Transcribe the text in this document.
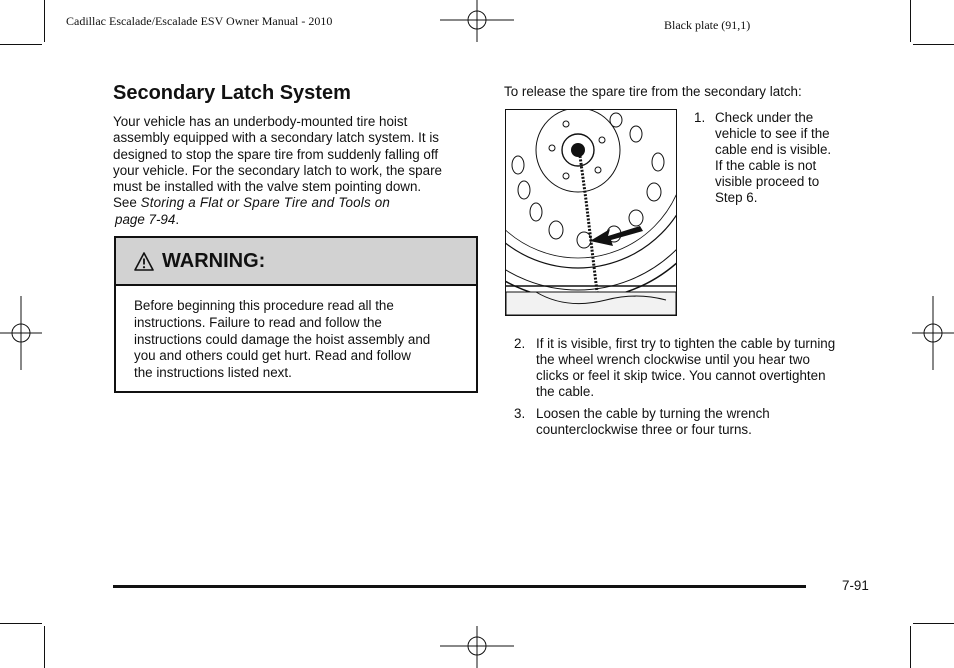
Cadillac Escalade/Escalade ESV Owner Manual - 2010	Black plate (91,1)
Secondary Latch System
Your vehicle has an underbody-mounted tire hoist
assembly equipped with a secondary latch system. It is
designed to stop the spare tire from suddenly falling off
your vehicle. For the secondary latch to work, the spare
must be installed with the valve stem pointing down.
See Storing a Flat or Spare Tire and Tools on
page 7-94.
WARNING:
Before beginning this procedure read all the
instructions. Failure to read and follow the
instructions could damage the hoist assembly and
you and others could get hurt. Read and follow
the instructions listed next.

To release the spare tire from the secondary latch:

1. Check under the
vehicle to see if the
cable end is visible.
If the cable is not
visible proceed to
Step 6.
2. If it is visible, first try to tighten the cable by turning
the wheel wrench clockwise until you hear two
clicks or feel it skip twice. You cannot overtighten
the cable.
3. Loosen the cable by turning the wrench
counterclockwise three or four turns.
7-91
